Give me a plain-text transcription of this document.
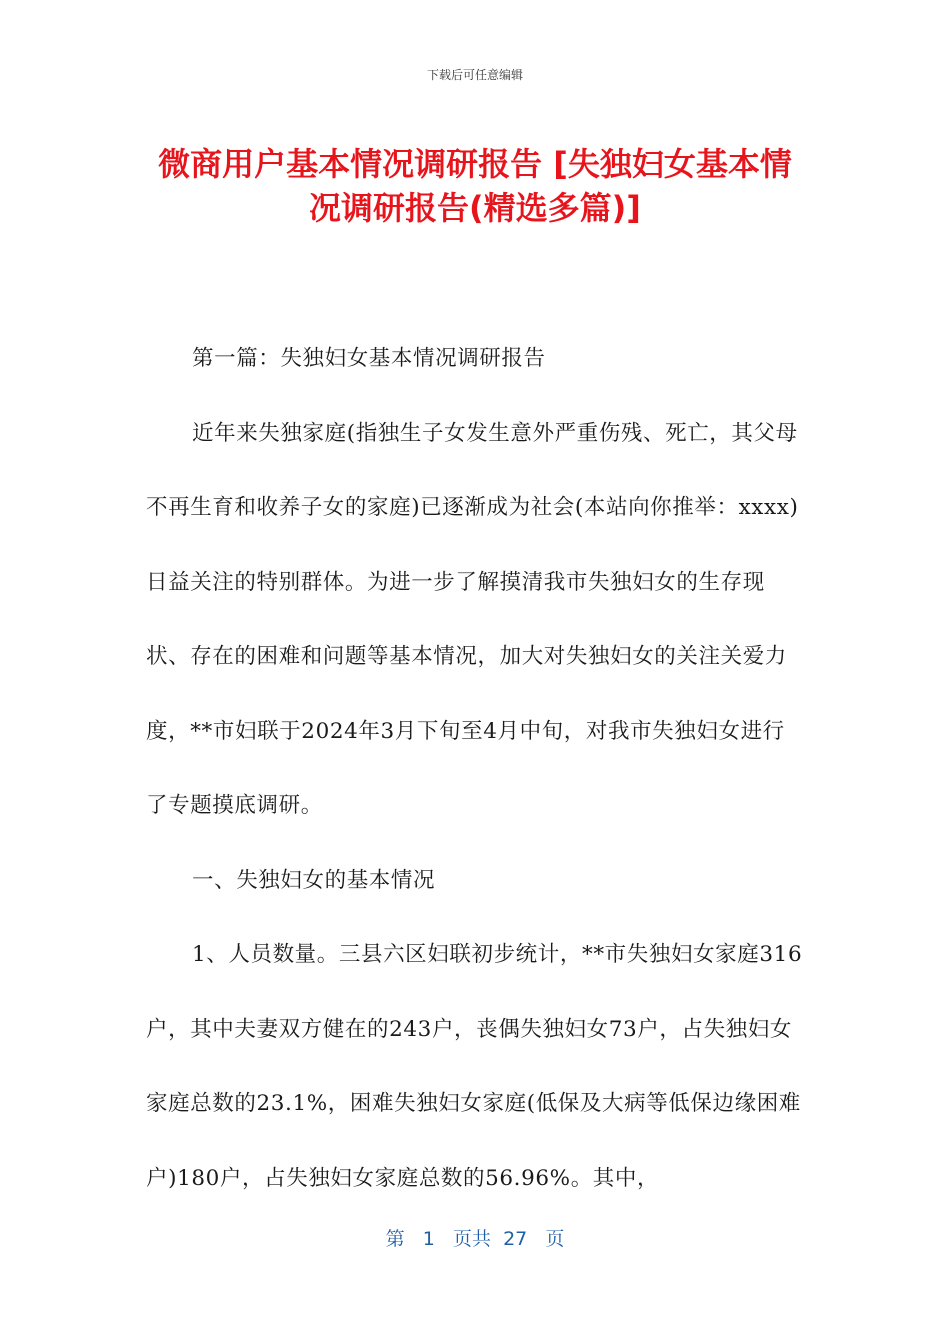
下载后可任意编辑
微商用户基本情况调研报告 [失独妇女基本情
况调研报告(精选多篇)]

第一篇：失独妇女基本情况调研报告

近年来失独家庭(指独生子女发生意外严重伤残、死亡，其父母不再生育和收养子女的家庭)已逐渐成为社会(本站向你推举：xxxx)日益关注的特别群体。为进一步了解摸清我市失独妇女的生存现状、存在的困难和问题等基本情况，加大对失独妇女的关注关爱力度，**市妇联于2024年3月下旬至4月中旬，对我市失独妇女进行了专题摸底调研。

一、失独妇女的基本情况

1、人员数量。三县六区妇联初步统计，**市失独妇女家庭316户，其中夫妻双方健在的243户，丧偶失独妇女73户，占失独妇女家庭总数的23.1%，困难失独妇女家庭(低保及大病等低保边缘困难户)180户，占失独妇女家庭总数的56.96%。其中，

第 1 页共 27 页
